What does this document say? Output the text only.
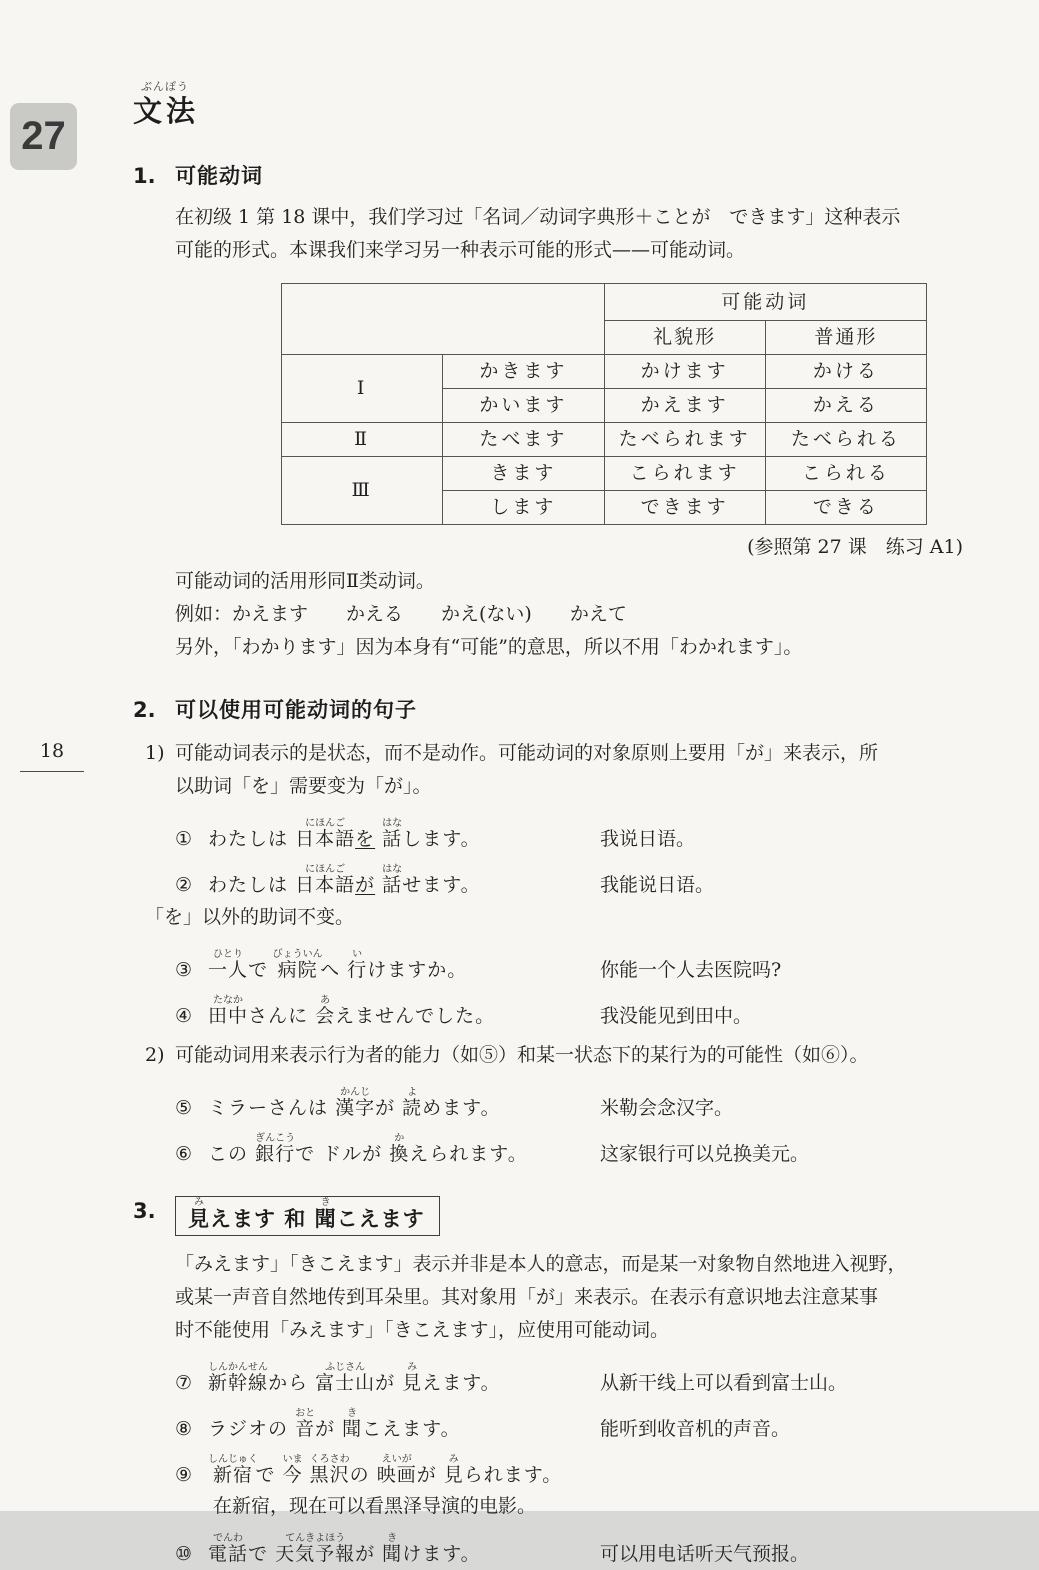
27
18
ぶんぽう
文法
1. 可能动词
在初级 1 第 18 课中，我们学习过「名词／动词字典形＋ことが　できます」这种表示
可能的形式。本课我们来学习另一种表示可能的形式——可能动词。
		可能动词	
		礼貌形	普通形
Ⅰ	かきます	かけます	かける
	かいます	かえます	かえる
Ⅱ	たべます	たべられます	たべられる
Ⅲ	きます	こられます	こられる
	します	できます	できる
(参照第 27 课　练习 A1)
可能动词的活用形同Ⅱ类动词。
例如：かえます　　かえる　　かえ(ない)　　かえて
另外，「わかります」因为本身有“可能”的意思，所以不用「わかれます」。
2. 可以使用可能动词的句子
1) 可能动词表示的是状态，而不是动作。可能动词的对象原则上要用「が」来表示，所
以助词「を」需要变为「が」。
① わたしは 日本語にほんごを 話はなします。	我说日语。
② わたしは 日本語にほんごが 話はなせます。	我能说日语。
「を」以外的助词不变。
③ 一人ひとりで 病院びょういんへ 行いけますか。	你能一个人去医院吗?
④ 田中たなかさんに 会あえませんでした。	我没能见到田中。
2) 可能动词用来表示行为者的能力（如⑤）和某一状态下的某行为的可能性（如⑥）。
⑤ ミラーさんは 漢字かんじが 読よめます。	米勒会念汉字。
⑥ この 銀行ぎんこうで ドルが 換かえられます。	这家银行可以兑换美元。
3.	見みえます 和 聞きこえます
「みえます」「きこえます」表示并非是本人的意志，而是某一对象物自然地进入视野，
或某一声音自然地传到耳朵里。其对象用「が」来表示。在表示有意识地去注意某事
时不能使用「みえます」「きこえます」，应使用可能动词。
⑦ 新幹線しんかんせんから 富士山ふじさんが 見みえます。	从新干线上可以看到富士山。
⑧ ラジオの 音おとが 聞きこえます。	能听到收音机的声音。
⑨ 新宿しんじゅくで 今いま 黒沢くろさわの 映画えいがが 見みられます。
在新宿，现在可以看黑泽导演的电影。
⑩ 電話でんわで 天気予報てんきよほうが 聞きけます。	可以用电话听天气预报。
